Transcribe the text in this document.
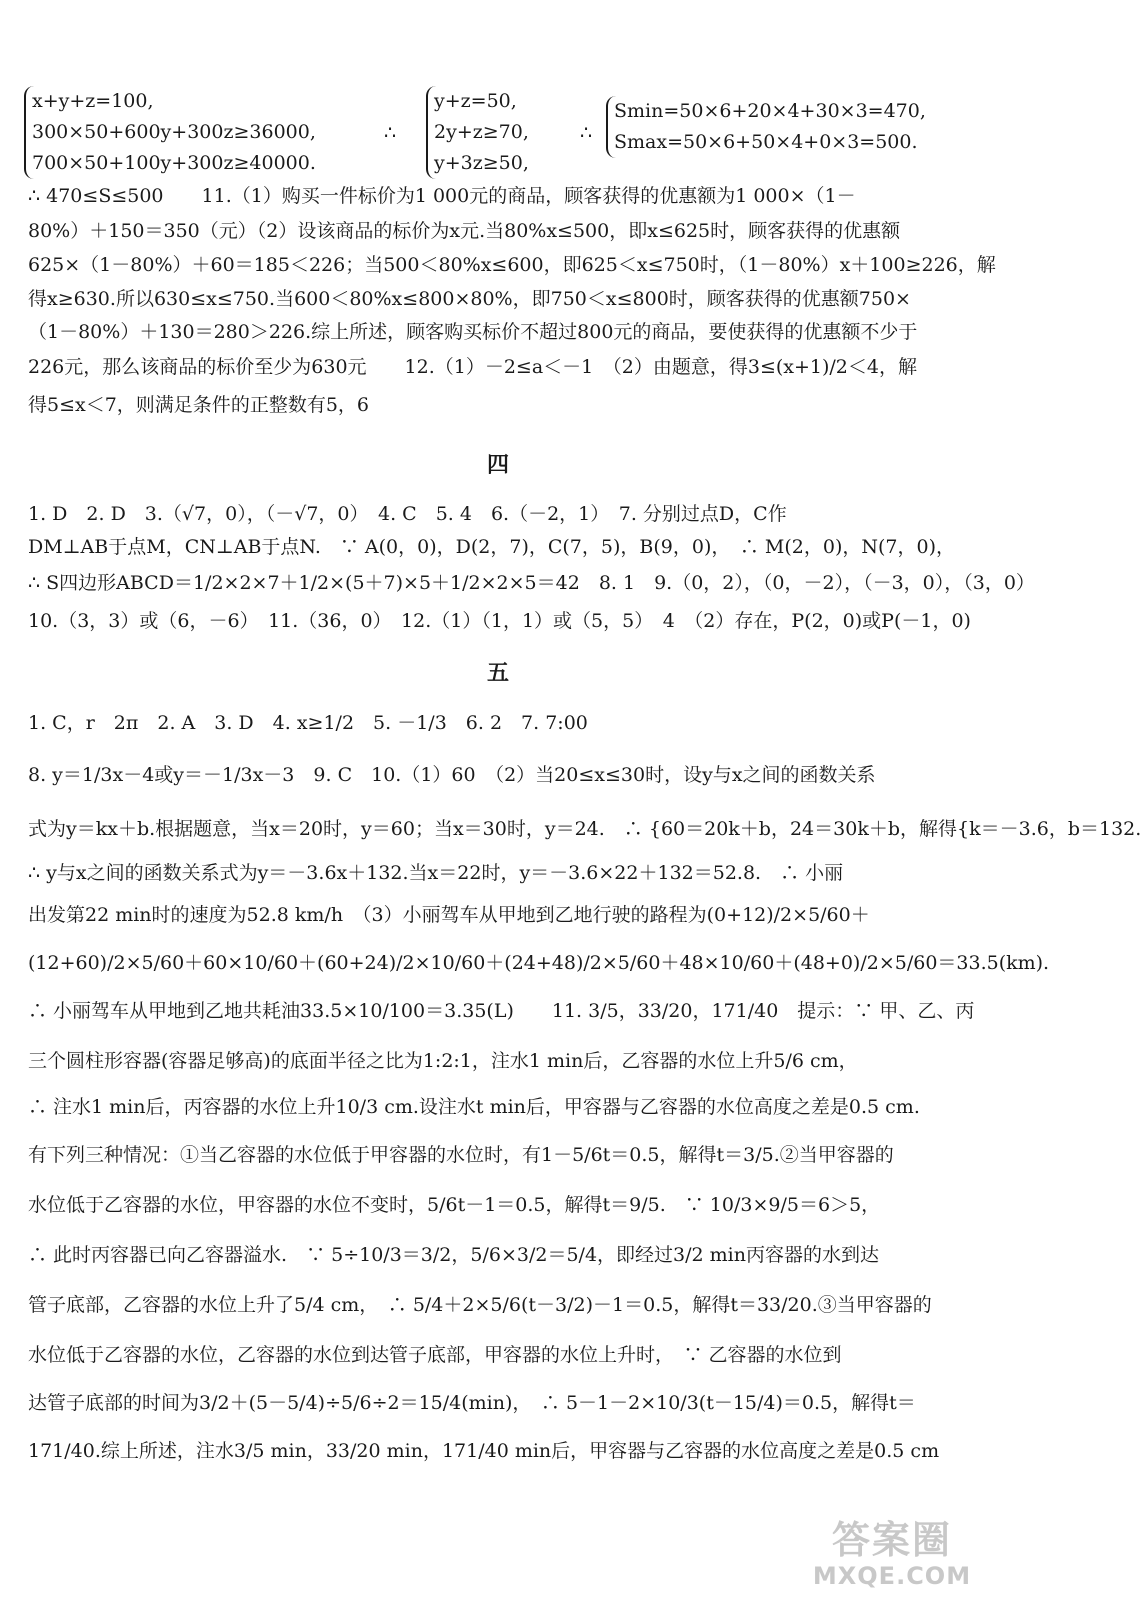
x+y+z=100,
300×50+600y+300z≥36000,
700×50+100y+300z≥40000.
∴
y+z=50,
2y+z≥70,
y+3z≥50,
∴
Smin=50×6+20×4+30×3=470,
Smax=50×6+50×4+0×3=500.
∴ 470≤S≤500　　11.（1）购买一件标价为1 000元的商品，顾客获得的优惠额为1 000×（1－
80%）＋150＝350（元）（2）设该商品的标价为x元.当80%x≤500，即x≤625时，顾客获得的优惠额
625×（1－80%）＋60＝185＜226；当500＜80%x≤600，即625＜x≤750时，（1－80%）x＋100≥226，解
得x≥630.所以630≤x≤750.当600＜80%x≤800×80%，即750＜x≤800时，顾客获得的优惠额750×
（1－80%）＋130＝280＞226.综上所述，顾客购买标价不超过800元的商品，要使获得的优惠额不少于
226元，那么该商品的标价至少为630元　　12.（1）－2≤a＜－1　（2）由题意，得3≤(x+1)/2＜4，解
得5≤x＜7，则满足条件的正整数有5，6
四
1. D　2. D　3.（√7，0），（－√7，0）　4. C　5. 4　6.（－2，1）　7. 分别过点D，C作
DM⊥AB于点M，CN⊥AB于点N.　∵ A(0，0)，D(2，7)，C(7，5)，B(9，0)，　∴ M(2，0)，N(7，0)，
∴ S四边形ABCD＝1/2×2×7＋1/2×(5＋7)×5＋1/2×2×5＝42　8. 1　9.（0，2），（0，－2），（－3，0），（3，0）
10.（3，3）或（6，－6）　11.（36，0）　12.（1）（1，1）或（5，5）　4　（2）存在，P(2，0)或P(－1，0)
五
1. C，r　2π　2. A　3. D　4. x≥1/2　5. －1/3　6. 2　7. 7:00
8. y＝1/3x－4或y＝－1/3x－3　9. C　10.（1）60　（2）当20≤x≤30时，设y与x之间的函数关系
式为y＝kx＋b.根据题意，当x＝20时，y＝60；当x＝30时，y＝24.　∴ {60＝20k＋b，24＝30k＋b，解得{k＝－3.6，b＝132.
∴ y与x之间的函数关系式为y＝－3.6x＋132.当x＝22时，y＝－3.6×22＋132＝52.8.　∴ 小丽
出发第22 min时的速度为52.8 km/h　（3）小丽驾车从甲地到乙地行驶的路程为(0+12)/2×5/60＋
(12+60)/2×5/60＋60×10/60＋(60+24)/2×10/60＋(24+48)/2×5/60＋48×10/60＋(48+0)/2×5/60＝33.5(km).
∴ 小丽驾车从甲地到乙地共耗油33.5×10/100＝3.35(L)　　11. 3/5，33/20，171/40　提示：∵ 甲、乙、丙
三个圆柱形容器(容器足够高)的底面半径之比为1:2:1，注水1 min后，乙容器的水位上升5/6 cm，
∴ 注水1 min后，丙容器的水位上升10/3 cm.设注水t min后，甲容器与乙容器的水位高度之差是0.5 cm.
有下列三种情况：①当乙容器的水位低于甲容器的水位时，有1－5/6t＝0.5，解得t＝3/5.②当甲容器的
水位低于乙容器的水位，甲容器的水位不变时，5/6t－1＝0.5，解得t＝9/5.　∵ 10/3×9/5＝6＞5，
∴ 此时丙容器已向乙容器溢水.　∵ 5÷10/3＝3/2，5/6×3/2＝5/4，即经过3/2 min丙容器的水到达
管子底部，乙容器的水位上升了5/4 cm，　∴ 5/4＋2×5/6(t－3/2)－1＝0.5，解得t＝33/20.③当甲容器的
水位低于乙容器的水位，乙容器的水位到达管子底部，甲容器的水位上升时，　∵ 乙容器的水位到
达管子底部的时间为3/2＋(5－5/4)÷5/6÷2＝15/4(min)，　∴ 5－1－2×10/3(t－15/4)＝0.5，解得t＝
171/40.综上所述，注水3/5 min，33/20 min，171/40 min后，甲容器与乙容器的水位高度之差是0.5 cm
答案圈
MXQE.COM
